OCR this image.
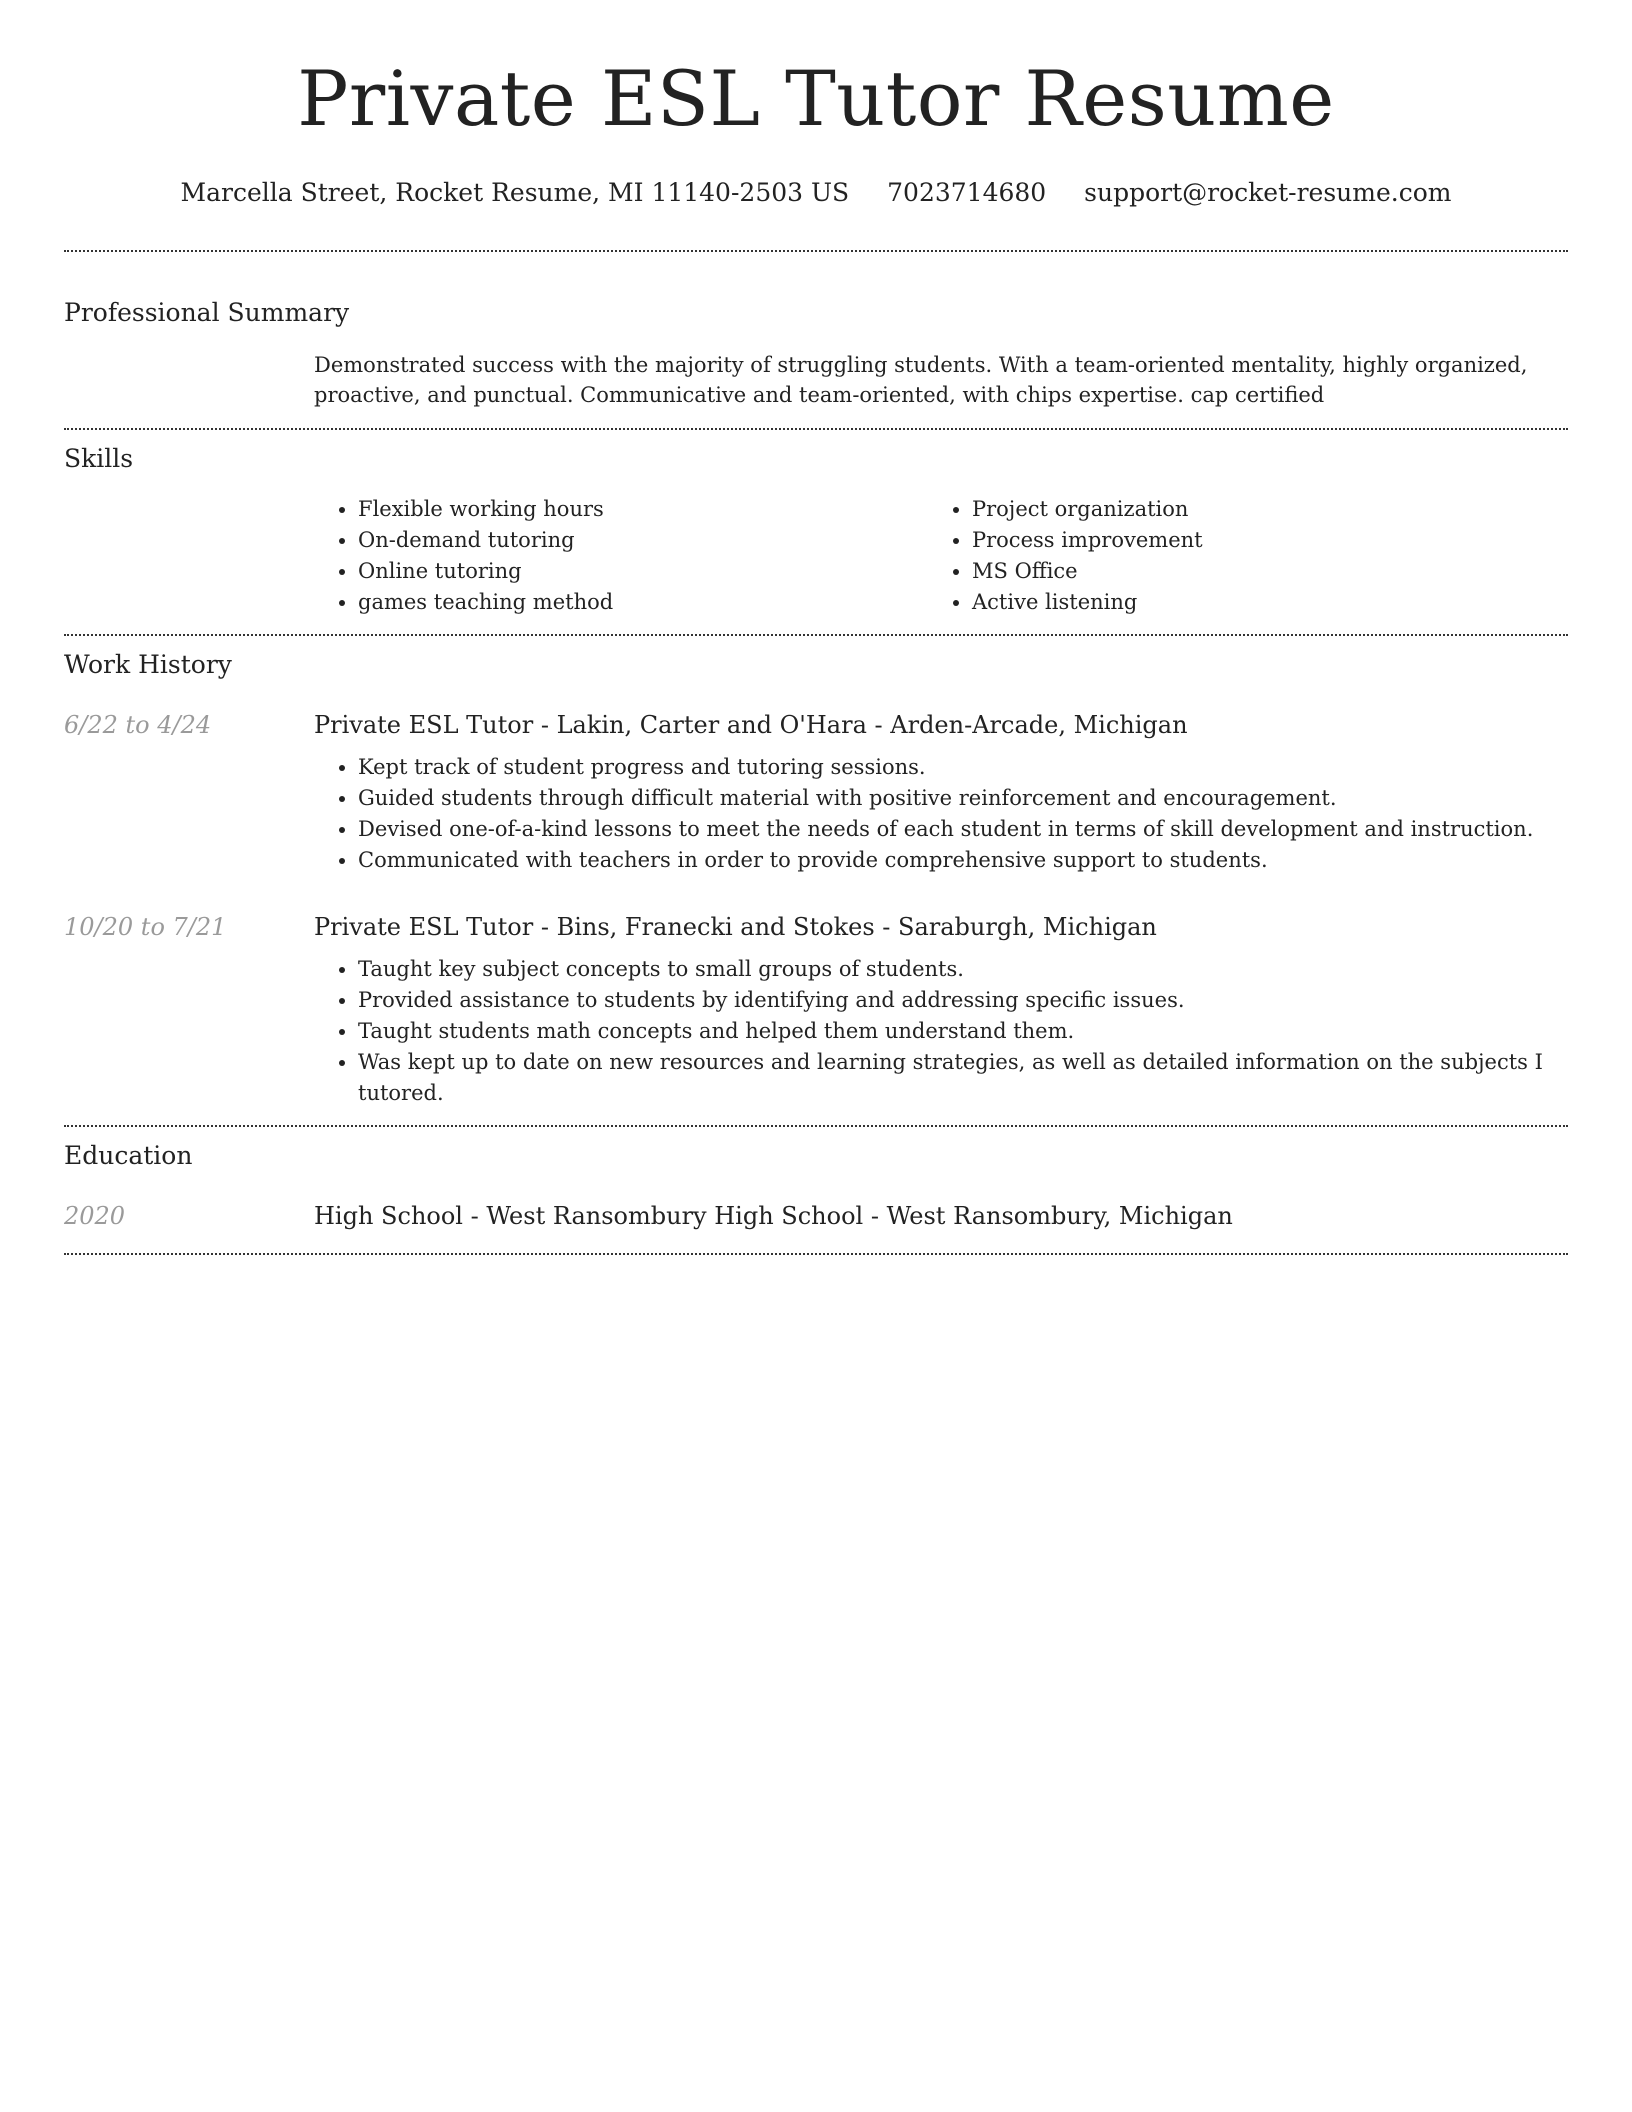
Private ESL Tutor Resume
Marcella Street, Rocket Resume, MI 11140-2503 US 7023714680 support@rocket-resume.com
Professional Summary
Demonstrated success with the majority of struggling students. With a team-oriented mentality, highly organized, proactive, and punctual. Communicative and team-oriented, with chips expertise. cap certified
Skills
• Flexible working hours
• On-demand tutoring
• Online tutoring
• games teaching method
• Project organization
• Process improvement
• MS Office
• Active listening
Work History
6/22 to 4/24	Private ESL Tutor - Lakin, Carter and O'Hara - Arden-Arcade, Michigan
• Kept track of student progress and tutoring sessions.
• Guided students through difficult material with positive reinforcement and encouragement.
• Devised one-of-a-kind lessons to meet the needs of each student in terms of skill development and instruction.
• Communicated with teachers in order to provide comprehensive support to students.
10/20 to 7/21	Private ESL Tutor - Bins, Franecki and Stokes - Saraburgh, Michigan
• Taught key subject concepts to small groups of students.
• Provided assistance to students by identifying and addressing specific issues.
• Taught students math concepts and helped them understand them.
• Was kept up to date on new resources and learning strategies, as well as detailed information on the subjects I tutored.
Education
2020	High School - West Ransombury High School - West Ransombury, Michigan
